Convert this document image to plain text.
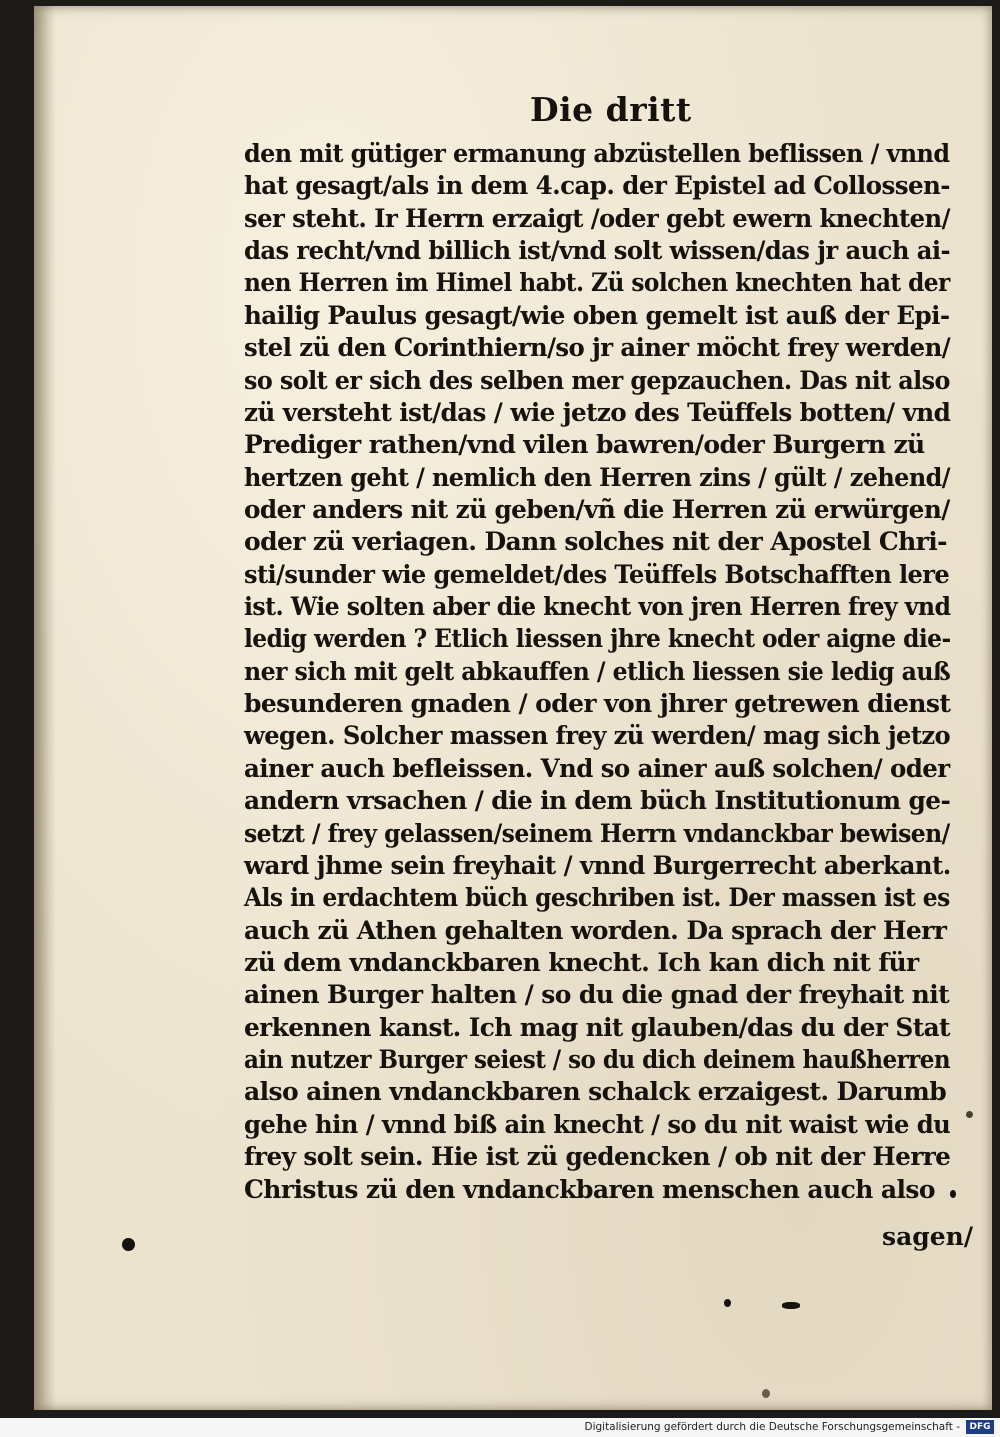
Die dritt
den mit gütiger ermanung abzüstellen beflissen / vnnd
hat gesagt/als in dem 4.cap. der Epistel ad Collossen-
ser steht. Ir Herrn erzaigt /oder gebt ewern knechten/
das recht/vnd billich ist/vnd solt wissen/das jr auch ai-
nen Herren im Himel habt. Zü solchen knechten hat der
hailig Paulus gesagt/wie oben gemelt ist auß der Epi-
stel zü den Corinthiern/so jr ainer möcht frey werden/
so solt er sich des selben mer gepzauchen. Das nit also
zü versteht ist/das / wie jetzo des Teüffels botten/ vnd
Prediger rathen/vnd vilen bawren/oder Burgern zü
hertzen geht / nemlich den Herren zins / gült / zehend/
oder anders nit zü geben/vñ die Herren zü erwürgen/
oder zü veriagen. Dann solches nit der Apostel Chri-
sti/sunder wie gemeldet/des Teüffels Botschafften lere
ist. Wie solten aber die knecht von jren Herren frey vnd
ledig werden ? Etlich liessen jhre knecht oder aigne die-
ner sich mit gelt abkauffen / etlich liessen sie ledig auß
besunderen gnaden / oder von jhrer getrewen dienst
wegen. Solcher massen frey zü werden/ mag sich jetzo
ainer auch befleissen. Vnd so ainer auß solchen/ oder
andern vrsachen / die in dem büch Institutionum ge-
setzt / frey gelassen/seinem Herrn vndanckbar bewisen/
ward jhme sein freyhait / vnnd Burgerrecht aberkant.
Als in erdachtem büch geschriben ist. Der massen ist es
auch zü Athen gehalten worden. Da sprach der Herr
zü dem vndanckbaren knecht. Ich kan dich nit für
ainen Burger halten / so du die gnad der freyhait nit
erkennen kanst. Ich mag nit glauben/das du der Stat
ain nutzer Burger seiest / so du dich deinem haußherren
also ainen vndanckbaren schalck erzaigest. Darumb
gehe hin / vnnd biß ain knecht / so du nit waist wie du
frey solt sein. Hie ist zü gedencken / ob nit der Herre
Christus zü den vndanckbaren menschen auch also
sagen/
Digitalisierung gefördert durch die Deutsche Forschungsgemeinschaft -	DFG
